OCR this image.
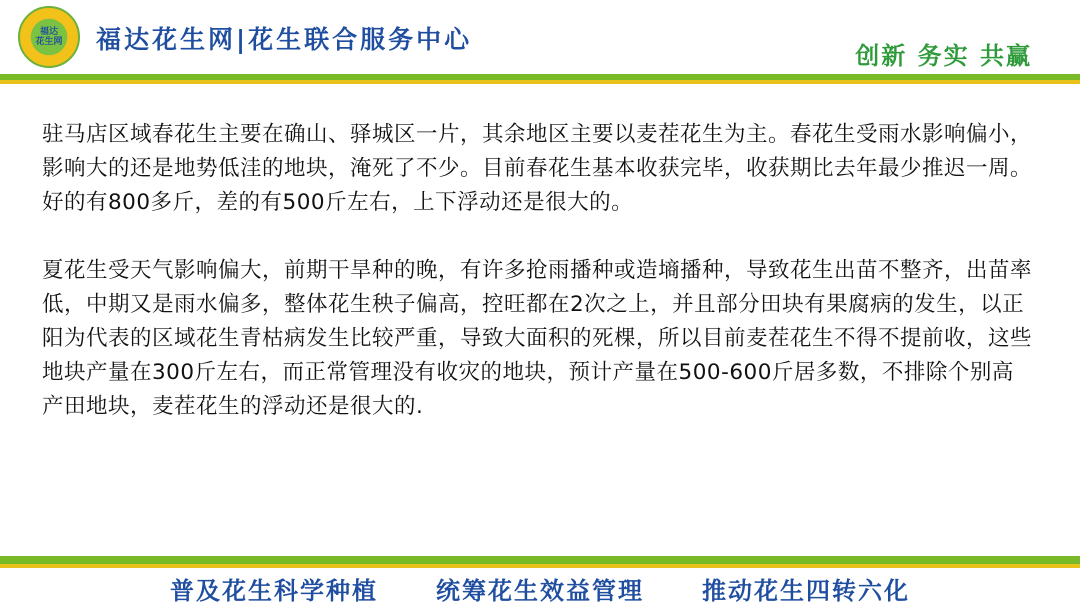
福达
花生网	福达花生网|花生联合服务中心
创新 务实 共赢

驻马店区域春花生主要在确山、驿城区一片，其余地区主要以麦茬花生为主。春花生受雨水影响偏小，影响大的还是地势低洼的地块，淹死了不少。目前春花生基本收获完毕，收获期比去年最少推迟一周。好的有800多斤，差的有500斤左右，上下浮动还是很大的。

夏花生受天气影响偏大，前期干旱种的晚，有许多抢雨播种或造墒播种，导致花生出苗不整齐，出苗率低，中期又是雨水偏多，整体花生秧子偏高，控旺都在2次之上，并且部分田块有果腐病的发生，以正阳为代表的区域花生青枯病发生比较严重，导致大面积的死棵，所以目前麦茬花生不得不提前收，这些地块产量在300斤左右，而正常管理没有收灾的地块，预计产量在500-600斤居多数，不排除个别高产田地块，麦茬花生的浮动还是很大的.

普及花生科学种植 统筹花生效益管理 推动花生四转六化
